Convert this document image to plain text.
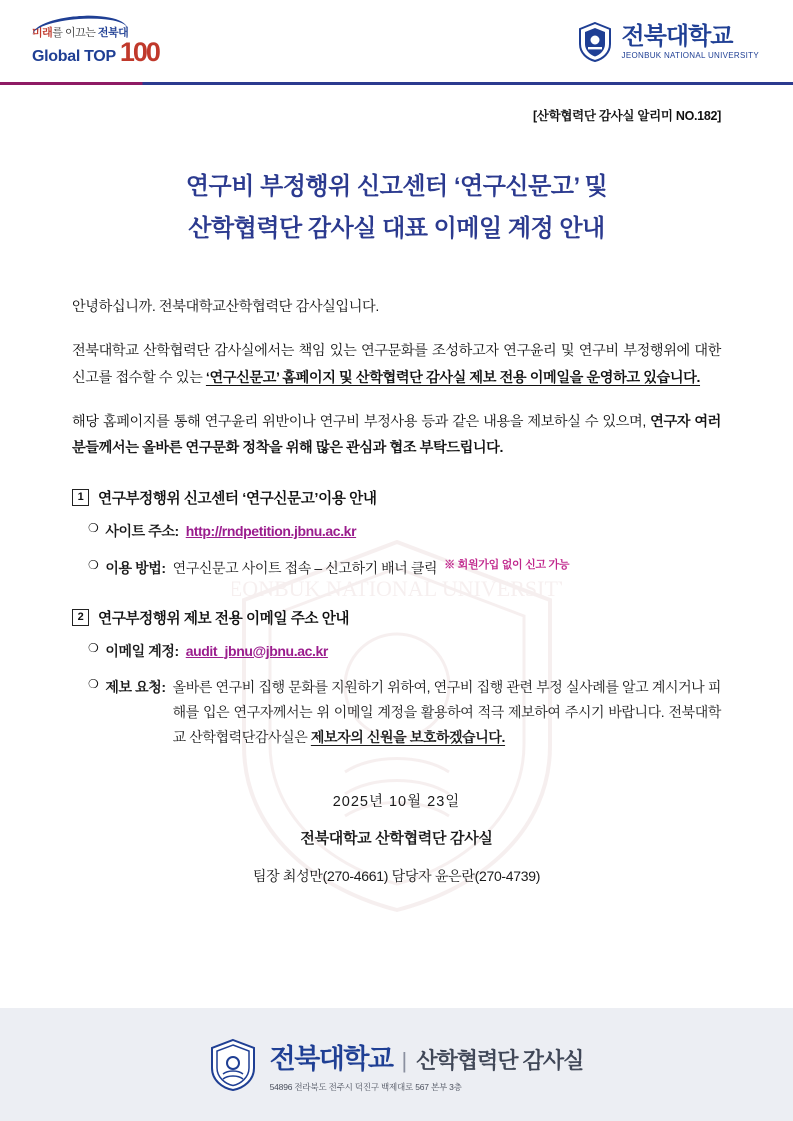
미래를 이끄는 전북대
Global TOP 100
전북대학교
JEONBUK NATIONAL UNIVERSITY
JEONBUK NATIONAL UNIVERSITY
[산학협력단 감사실 알리미 NO.182]
연구비 부정행위 신고센터 ‘연구신문고’ 및
산학협력단 감사실 대표 이메일 계정 안내
안녕하십니까. 전북대학교산학협력단 감사실입니다.
전북대학교 산학협력단 감사실에서는 책임 있는 연구문화를 조성하고자 연구윤리 및 연구비 부정행위에 대한 신고를 접수할 수 있는 ‘연구신문고’ 홈페이지 및 산학협력단 감사실 제보 전용 이메일을 운영하고 있습니다.
해당 홈페이지를 통해 연구윤리 위반이나 연구비 부정사용 등과 같은 내용을 제보하실 수 있으며, 연구자 여러분들께서는 올바른 연구문화 정착을 위해 많은 관심과 협조 부탁드립니다.
1	연구부정행위 신고센터 ‘연구신문고’이용 안내
❍ 사이트 주소: http://rndpetition.jbnu.ac.kr
❍ 이용 방법: 연구신문고 사이트 접속 – 신고하기 배너 클릭 ※ 회원가입 없이 신고 가능
2	연구부정행위 제보 전용 이메일 주소 안내
❍ 이메일 계정: audit_jbnu@jbnu.ac.kr
❍ 제보 요청: 올바른 연구비 집행 문화를 지원하기 위하여, 연구비 집행 관련 부정 실사례를 알고 계시거나 피해를 입은 연구자께서는 위 이메일 계정을 활용하여 적극 제보하여 주시기 바랍니다. 전북대학교 산학협력단감사실은 제보자의 신원을 보호하겠습니다.
2025년 10월 23일
전북대학교 산학협력단 감사실
팀장 최성만(270-4661) 담당자 윤은란(270-4739)
전북대학교 | 산학협력단 감사실
54896 전라북도 전주시 덕진구 백제대로 567 본부 3층
